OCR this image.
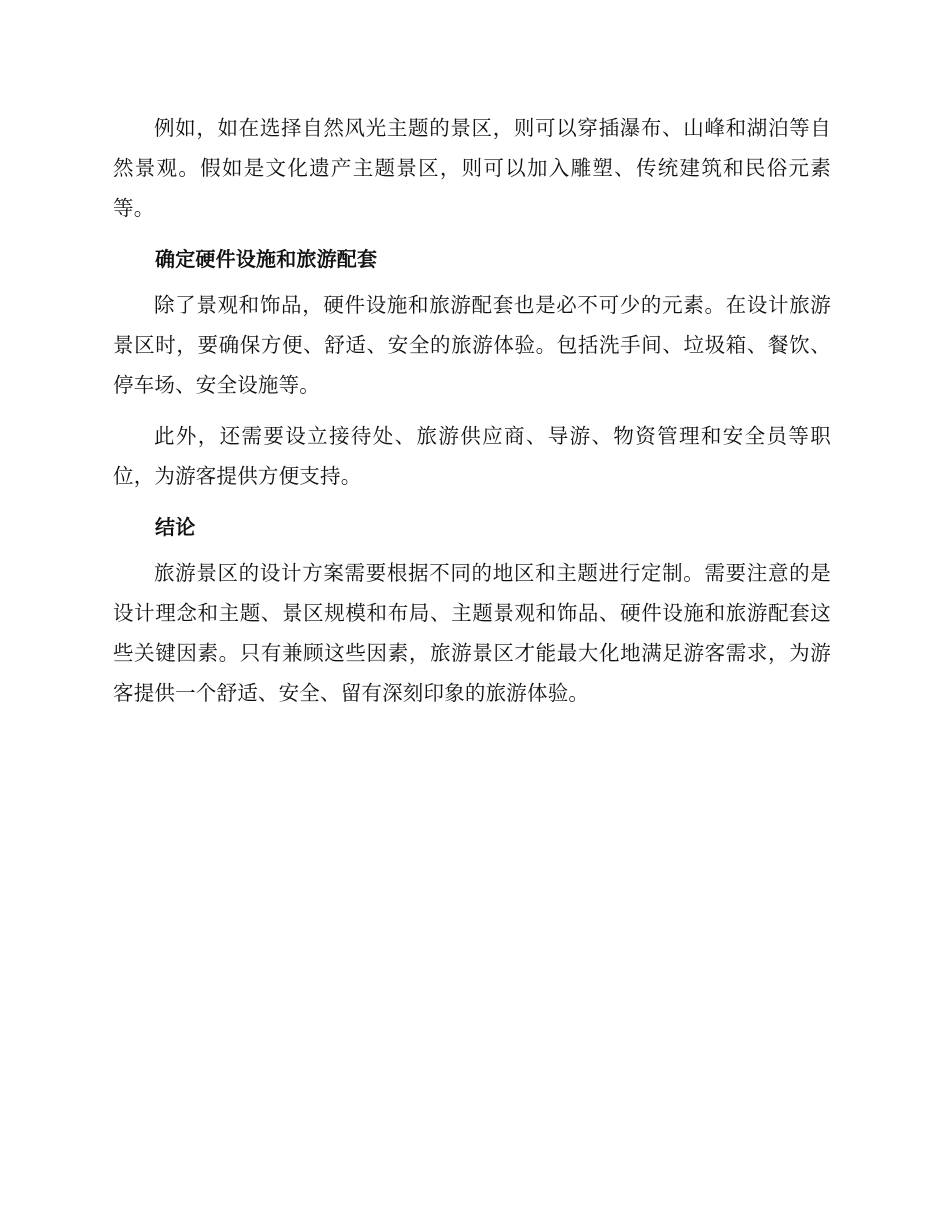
例如，如在选择自然风光主题的景区，则可以穿插瀑布、山峰和湖泊等自然景观。假如是文化遗产主题景区，则可以加入雕塑、传统建筑和民俗元素等。

确定硬件设施和旅游配套

除了景观和饰品，硬件设施和旅游配套也是必不可少的元素。在设计旅游景区时，要确保方便、舒适、安全的旅游体验。包括洗手间、垃圾箱、餐饮、停车场、安全设施等。

此外，还需要设立接待处、旅游供应商、导游、物资管理和安全员等职位，为游客提供方便支持。

结论

旅游景区的设计方案需要根据不同的地区和主题进行定制。需要注意的是设计理念和主题、景区规模和布局、主题景观和饰品、硬件设施和旅游配套这些关键因素。只有兼顾这些因素，旅游景区才能最大化地满足游客需求，为游客提供一个舒适、安全、留有深刻印象的旅游体验。
